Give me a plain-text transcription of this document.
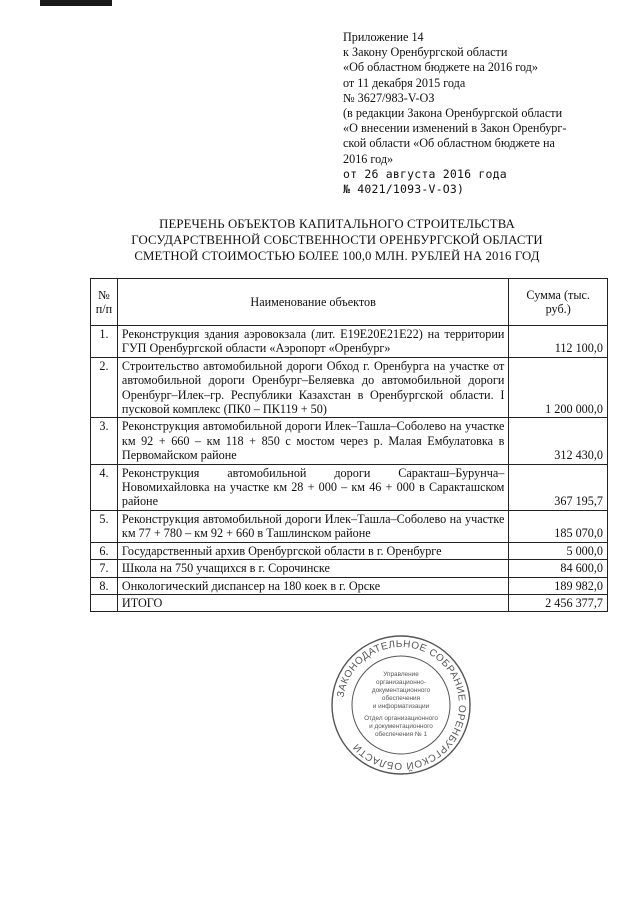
Приложение 14
к Закону Оренбургской области
«Об областном бюджете на 2016 год»
от 11 декабря 2015 года
№ 3627/983-V-ОЗ
(в редакции Закона Оренбургской области
«О внесении изменений в Закон Оренбург-
ской области «Об областном бюджете на
2016 год»
от 26 августа 2016 года
№ 4021/1093-V-ОЗ)
ПЕРЕЧЕНЬ ОБЪЕКТОВ КАПИТАЛЬНОГО СТРОИТЕЛЬСТВА
ГОСУДАРСТВЕННОЙ СОБСТВЕННОСТИ ОРЕНБУРГСКОЙ ОБЛАСТИ
СМЕТНОЙ СТОИМОСТЬЮ БОЛЕЕ 100,0 МЛН. РУБЛЕЙ НА 2016 ГОД
№ п/п	Наименование объектов	Сумма (тыс. руб.)
1.	Реконструкция здания аэровокзала (лит. Е19Е20Е21Е22) на территории ГУП Оренбургской области «Аэропорт «Оренбург»	112 100,0
2.	Строительство автомобильной дороги Обход г. Оренбурга на участке от автомобильной дороги Оренбург–Беляевка до автомобильной дороги Оренбург–Илек–гр. Республики Казахстан в Оренбургской области. I пусковой комплекс (ПК0 – ПК119 + 50)	1 200 000,0
3.	Реконструкция автомобильной дороги Илек–Ташла–Соболево на участке км 92 + 660 – км 118 + 850 с мостом через р. Малая Ембулатовка в Первомайском районе	312 430,0
4.	Реконструкция автомобильной дороги Саракташ–Бурунча–Новомихайловка на участке км 28 + 000 – км 46 + 000 в Саракташском районе	367 195,7
5.	Реконструкция автомобильной дороги Илек–Ташла–Соболево на участке км 77 + 780 – км 92 + 660 в Ташлинском районе	185 070,0
6.	Государственный архив Оренбургской области в г. Оренбурге	5 000,0
7.	Школа на 750 учащихся в г. Сорочинске	84 600,0
8.	Онкологический диспансер на 180 коек в г. Орске	189 982,0
	ИТОГО	2 456 377,7
ЗАКОНОДАТЕЛЬНОЕ СОБРАНИЕ ОРЕНБУРГСКОЙ ОБЛАСТИ
Управление
организационно-
документационного
обеспечения
и информатизации
Отдел организационного
и документационного
обеспечения № 1
